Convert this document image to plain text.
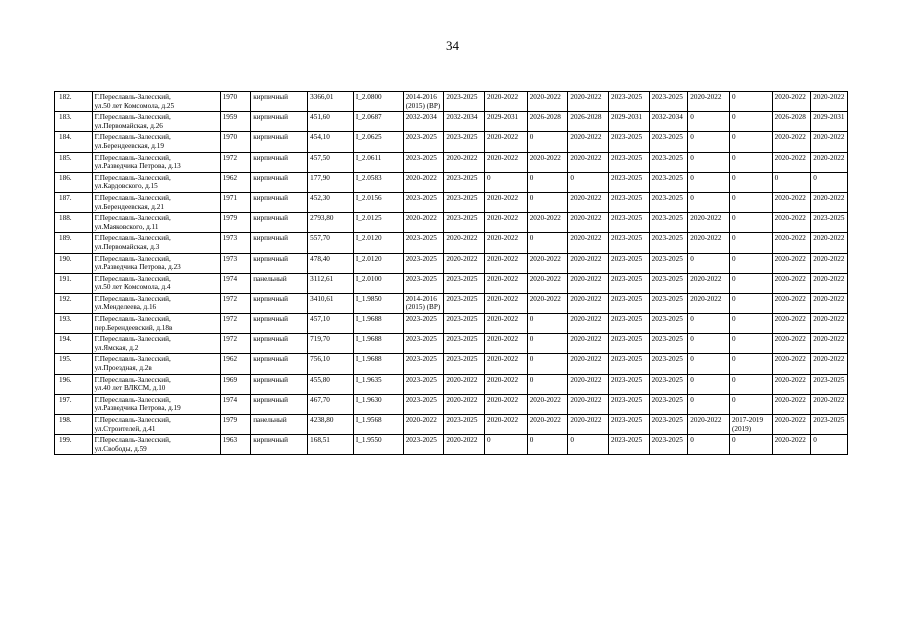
34
182.	Г.Переславль-Залесский,
ул.50 лет Комсомола, д.25	1970	кирпичный	3366,01	I_2.0800	2014-2016 (2015) (ВР)	2023-2025	2020-2022	2020-2022	2020-2022	2023-2025	2023-2025	2020-2022	0	2020-2022	2020-2022
183.	Г.Переславль-Залесский,
ул.Первомайская, д.26	1959	кирпичный	451,60	I_2.0687	2032-2034	2032-2034	2029-2031	2026-2028	2026-2028	2029-2031	2032-2034	0	0	2026-2028	2029-2031
184.	Г.Переславль-Залесский,
ул.Берендеевская, д.19	1970	кирпичный	454,10	I_2.0625	2023-2025	2023-2025	2020-2022	0	2020-2022	2023-2025	2023-2025	0	0	2020-2022	2020-2022
185.	Г.Переславль-Залесский,
ул.Разведчика Петрова, д.13	1972	кирпичный	457,50	I_2.0611	2023-2025	2020-2022	2020-2022	2020-2022	2020-2022	2023-2025	2023-2025	0	0	2020-2022	2020-2022
186.	Г.Переславль-Залесский,
ул.Кардовского, д.15	1962	кирпичный	177,90	I_2.0583	2020-2022	2023-2025	0	0	0	2023-2025	2023-2025	0	0	0	0
187.	Г.Переславль-Залесский,
ул.Берендеевская, д.21	1971	кирпичный	452,30	I_2.0156	2023-2025	2023-2025	2020-2022	0	2020-2022	2023-2025	2023-2025	0	0	2020-2022	2020-2022
188.	Г.Переславль-Залесский,
ул.Маяковского, д.11	1979	кирпичный	2793,80	I_2.0125	2020-2022	2023-2025	2020-2022	2020-2022	2020-2022	2023-2025	2023-2025	2020-2022	0	2020-2022	2023-2025
189.	Г.Переславль-Залесский,
ул.Первомайская, д.3	1973	кирпичный	557,70	I_2.0120	2023-2025	2020-2022	2020-2022	0	2020-2022	2023-2025	2023-2025	2020-2022	0	2020-2022	2020-2022
190.	Г.Переславль-Залесский,
ул.Разведчика Петрова, д.23	1973	кирпичный	478,40	I_2.0120	2023-2025	2020-2022	2020-2022	2020-2022	2020-2022	2023-2025	2023-2025	0	0	2020-2022	2020-2022
191.	Г.Переславль-Залесский,
ул.50 лет Комсомола, д.4	1974	панельный	3112,61	I_2.0100	2023-2025	2023-2025	2020-2022	2020-2022	2020-2022	2023-2025	2023-2025	2020-2022	0	2020-2022	2020-2022
192.	Г.Переславль-Залесский,
ул.Менделеева, д.16	1972	кирпичный	3410,61	I_1.9850	2014-2016 (2015) (ВР)	2023-2025	2020-2022	2020-2022	2020-2022	2023-2025	2023-2025	2020-2022	0	2020-2022	2020-2022
193.	Г.Переславль-Залесский,
пер.Берендеевский, д.18в	1972	кирпичный	457,10	I_1.9688	2023-2025	2023-2025	2020-2022	0	2020-2022	2023-2025	2023-2025	0	0	2020-2022	2020-2022
194.	Г.Переславль-Залесский,
ул.Ямская, д.2	1972	кирпичный	719,70	I_1.9688	2023-2025	2023-2025	2020-2022	0	2020-2022	2023-2025	2023-2025	0	0	2020-2022	2020-2022
195.	Г.Переславль-Залесский,
ул.Проездная, д.2в	1962	кирпичный	756,10	I_1.9688	2023-2025	2023-2025	2020-2022	0	2020-2022	2023-2025	2023-2025	0	0	2020-2022	2020-2022
196.	Г.Переславль-Залесский,
ул.40 лет ВЛКСМ, д.10	1969	кирпичный	455,80	I_1.9635	2023-2025	2020-2022	2020-2022	0	2020-2022	2023-2025	2023-2025	0	0	2020-2022	2023-2025
197.	Г.Переславль-Залесский,
ул.Разведчика Петрова, д.19	1974	кирпичный	467,70	I_1.9630	2023-2025	2020-2022	2020-2022	2020-2022	2020-2022	2023-2025	2023-2025	0	0	2020-2022	2020-2022
198.	Г.Переславль-Залесский,
ул.Строителей, д.41	1979	панельный	4238,80	I_1.9568	2020-2022	2023-2025	2020-2022	2020-2022	2020-2022	2023-2025	2023-2025	2020-2022	2017-2019 (2019)	2020-2022	2023-2025
199.	Г.Переславль-Залесский,
ул.Свободы, д.59	1963	кирпичный	168,51	I_1.9550	2023-2025	2020-2022	0	0	0	2023-2025	2023-2025	0	0	2020-2022	0
